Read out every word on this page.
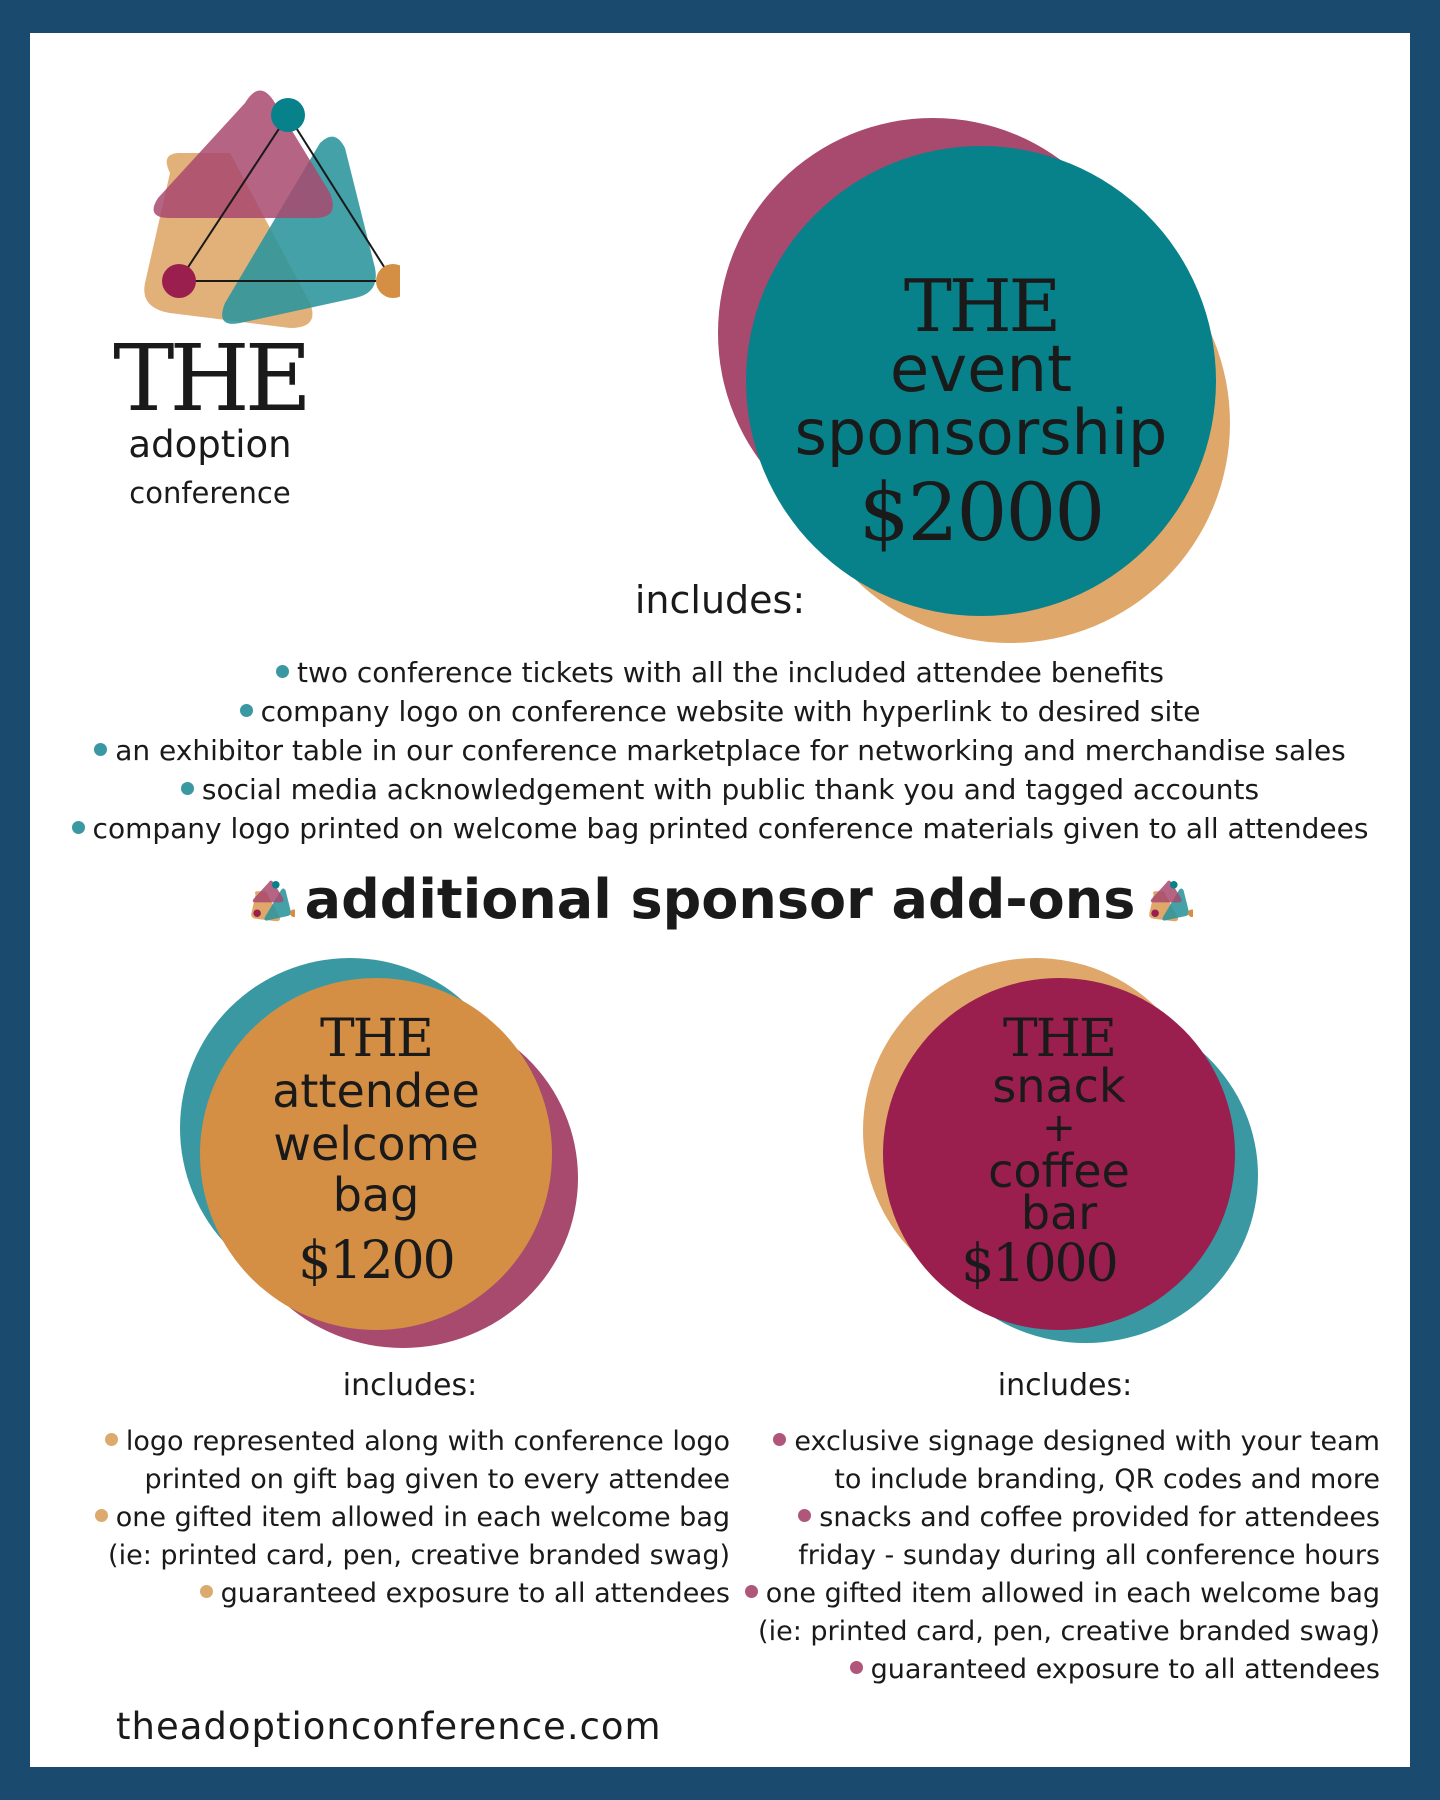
THE
adoption
conference
THE
event
sponsorship
$2000
includes:
two conference tickets with all the included attendee benefits
company logo on conference website with hyperlink to desired site
an exhibitor table in our conference marketplace for networking and merchandise sales
social media acknowledgement with public thank you and tagged accounts
company logo printed on welcome bag printed conference materials given to all attendees
additional sponsor add-ons
THE
attendee
welcome
bag
$1200
THE
snack
+
coffee
bar
$1000
includes:
logo represented along with conference logo
printed on gift bag given to every attendee
one gifted item allowed in each welcome bag
(ie: printed card, pen, creative branded swag)
guaranteed exposure to all attendees
includes:
exclusive signage designed with your team
to include branding, QR codes and more
snacks and coffee provided for attendees
friday - sunday during all conference hours
one gifted item allowed in each welcome bag
(ie: printed card, pen, creative branded swag)
guaranteed exposure to all attendees
theadoptionconference.com
